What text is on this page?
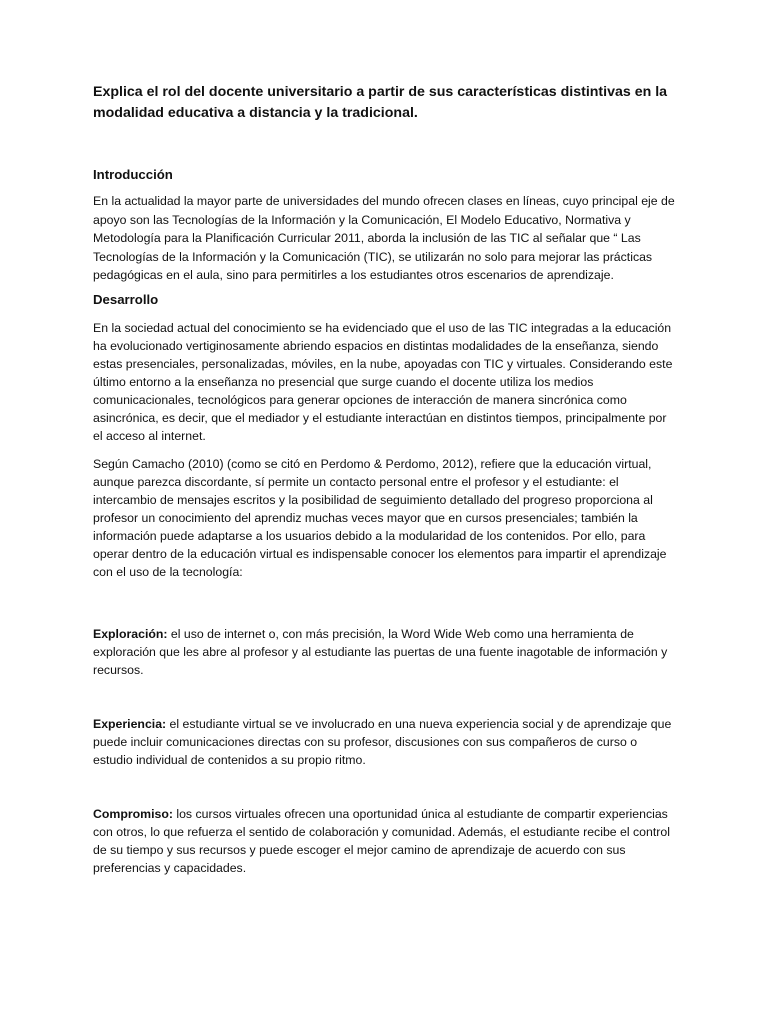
Explica el rol del docente universitario a partir de sus características distintivas en la modalidad educativa a distancia y la tradicional.

Introducción

En la actualidad la mayor parte de universidades del mundo ofrecen clases en líneas, cuyo principal eje de apoyo son las Tecnologías de la Información y la Comunicación, El Modelo Educativo, Normativa y Metodología para la Planificación Curricular 2011, aborda la inclusión de las TIC al señalar que “ Las Tecnologías de la Información y la Comunicación (TIC), se utilizarán no solo para mejorar las prácticas pedagógicas en el aula, sino para permitirles a los estudiantes otros escenarios de aprendizaje.

Desarrollo

En la sociedad actual del conocimiento se ha evidenciado que el uso de las TIC integradas a la educación ha evolucionado vertiginosamente abriendo espacios en distintas modalidades de la enseñanza, siendo estas presenciales, personalizadas, móviles, en la nube, apoyadas con TIC y virtuales. Considerando este último entorno a la enseñanza no presencial que surge cuando el docente utiliza los medios comunicacionales, tecnológicos para generar opciones de interacción de manera sincrónica como asincrónica, es decir, que el mediador y el estudiante interactúan en distintos tiempos, principalmente por el acceso al internet.

Según Camacho (2010) (como se citó en Perdomo & Perdomo, 2012), refiere que la educación virtual, aunque parezca discordante, sí permite un contacto personal entre el profesor y el estudiante: el intercambio de mensajes escritos y la posibilidad de seguimiento detallado del progreso proporciona al profesor un conocimiento del aprendiz muchas veces mayor que en cursos presenciales; también la información puede adaptarse a los usuarios debido a la modularidad de los contenidos. Por ello, para operar dentro de la educación virtual es indispensable conocer los elementos para impartir el aprendizaje con el uso de la tecnología:

Exploración: el uso de internet o, con más precisión, la Word Wide Web como una herramienta de exploración que les abre al profesor y al estudiante las puertas de una fuente inagotable de información y recursos.

Experiencia: el estudiante virtual se ve involucrado en una nueva experiencia social y de aprendizaje que puede incluir comunicaciones directas con su profesor, discusiones con sus compañeros de curso o estudio individual de contenidos a su propio ritmo.

Compromiso: los cursos virtuales ofrecen una oportunidad única al estudiante de compartir experiencias con otros, lo que refuerza el sentido de colaboración y comunidad. Además, el estudiante recibe el control de su tiempo y sus recursos y puede escoger el mejor camino de aprendizaje de acuerdo con sus preferencias y capacidades.
